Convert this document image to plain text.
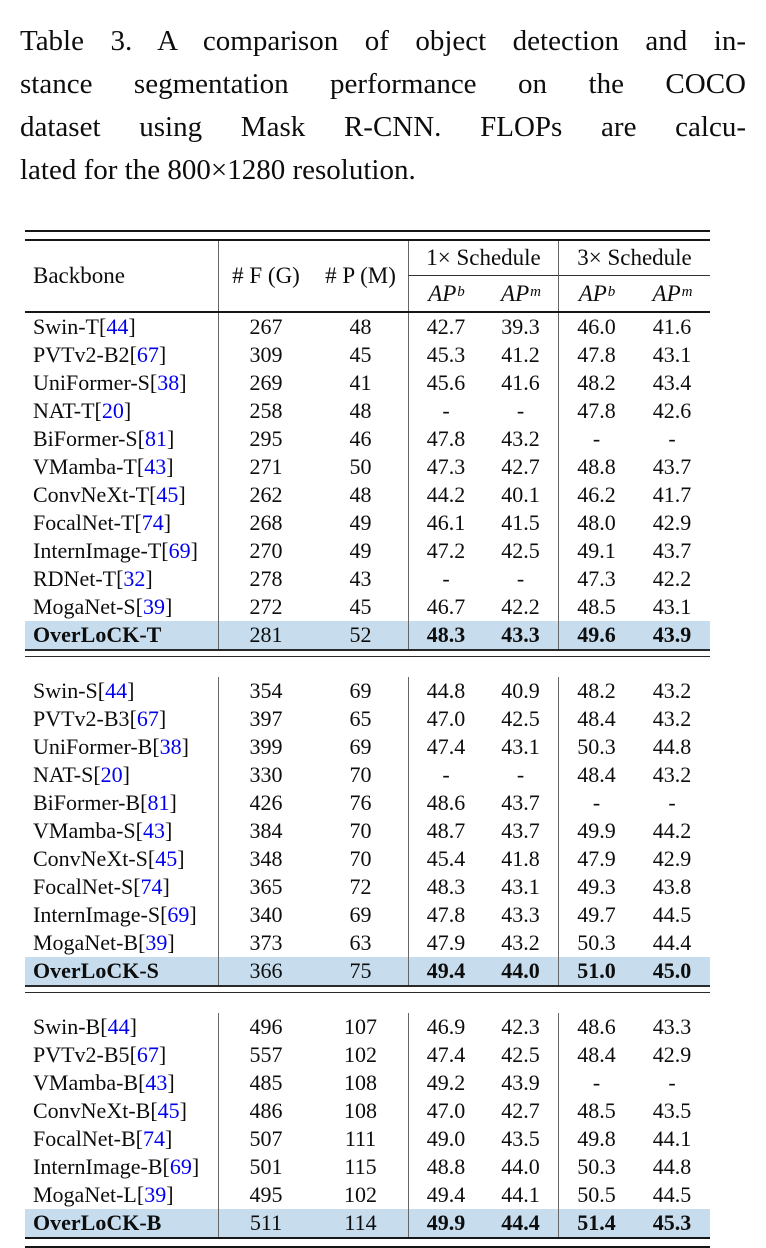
Table 3. A comparison of object detection and in-
stance segmentation performance on the COCO
dataset using Mask R-CNN. FLOPs are calcu-
lated for the 800×1280 resolution.
Backbone	# F (G)	# P (M)
1× Schedule	3× Schedule
$AP^b$ $AP^m$ $AP^b$ $AP^m$
Swin-T[44]	267	48	42.7	39.3	46.0	41.6
PVTv2-B2[67]	309	45	45.3	41.2	47.8	43.1
UniFormer-S[38]	269	41	45.6	41.6	48.2	43.4
NAT-T[20]	258	48	-	-	47.8	42.6
BiFormer-S[81]	295	46	47.8	43.2	-	-
VMamba-T[43]	271	50	47.3	42.7	48.8	43.7
ConvNeXt-T[45]	262	48	44.2	40.1	46.2	41.7
FocalNet-T[74]	268	49	46.1	41.5	48.0	42.9
InternImage-T[69]	270	49	47.2	42.5	49.1	43.7
RDNet-T[32]	278	43	-	-	47.3	42.2
MogaNet-S[39]	272	45	46.7	42.2	48.5	43.1
OverLoCK-T	281	52	48.3	43.3	49.6	43.9
Swin-S[44]	354	69	44.8	40.9	48.2	43.2
PVTv2-B3[67]	397	65	47.0	42.5	48.4	43.2
UniFormer-B[38]	399	69	47.4	43.1	50.3	44.8
NAT-S[20]	330	70	-	-	48.4	43.2
BiFormer-B[81]	426	76	48.6	43.7	-	-
VMamba-S[43]	384	70	48.7	43.7	49.9	44.2
ConvNeXt-S[45]	348	70	45.4	41.8	47.9	42.9
FocalNet-S[74]	365	72	48.3	43.1	49.3	43.8
InternImage-S[69]	340	69	47.8	43.3	49.7	44.5
MogaNet-B[39]	373	63	47.9	43.2	50.3	44.4
OverLoCK-S	366	75	49.4	44.0	51.0	45.0
Swin-B[44]	496	107	46.9	42.3	48.6	43.3
PVTv2-B5[67]	557	102	47.4	42.5	48.4	42.9
VMamba-B[43]	485	108	49.2	43.9	-	-
ConvNeXt-B[45]	486	108	47.0	42.7	48.5	43.5
FocalNet-B[74]	507	111	49.0	43.5	49.8	44.1
InternImage-B[69]	501	115	48.8	44.0	50.3	44.8
MogaNet-L[39]	495	102	49.4	44.1	50.5	44.5
OverLoCK-B	511	114	49.9	44.4	51.4	45.3
